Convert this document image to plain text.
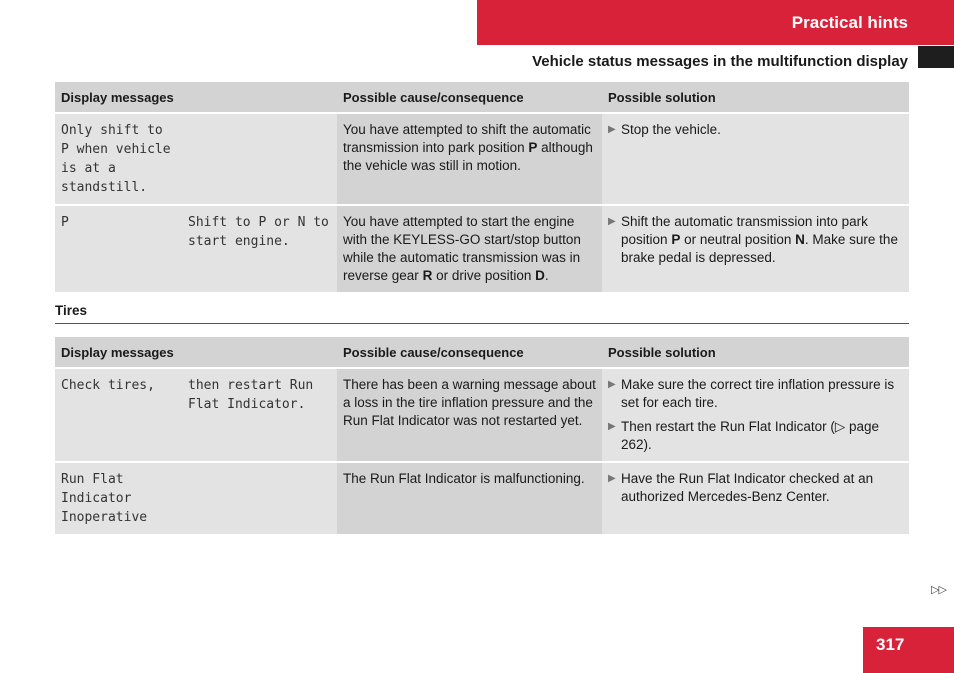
Practical hints
Vehicle status messages in the multifunction display
Display messages		Possible cause/consequence	Possible solution
Only shift to P when vehicle is at a standstill.		You have attempted to shift the automatic transmission into park position P although the vehicle was still in motion.	▶ Stop the vehicle.

P	Shift to P or N to start engine.	You have attempted to start the engine with the KEYLESS-GO start/stop button while the automatic transmission was in reverse gear R or drive position D.	▶ Shift the automatic transmission into park position P or neutral position N. Make sure the brake pedal is depressed.
Tires
Display messages		Possible cause/consequence	Possible solution
Check tires,	then restart Run Flat Indicator.	There has been a warning message about a loss in the tire inflation pressure and the Run Flat Indicator was not restarted yet.	▶ Make sure the correct tire inflation pressure is set for each tire.
▶ Then restart the Run Flat Indicator (▷ page 262).

Run Flat Indicator Inoperative		The Run Flat Indicator is malfunctioning.	▶ Have the Run Flat Indicator checked at an authorized Mercedes-Benz Center.
▷▷
317
